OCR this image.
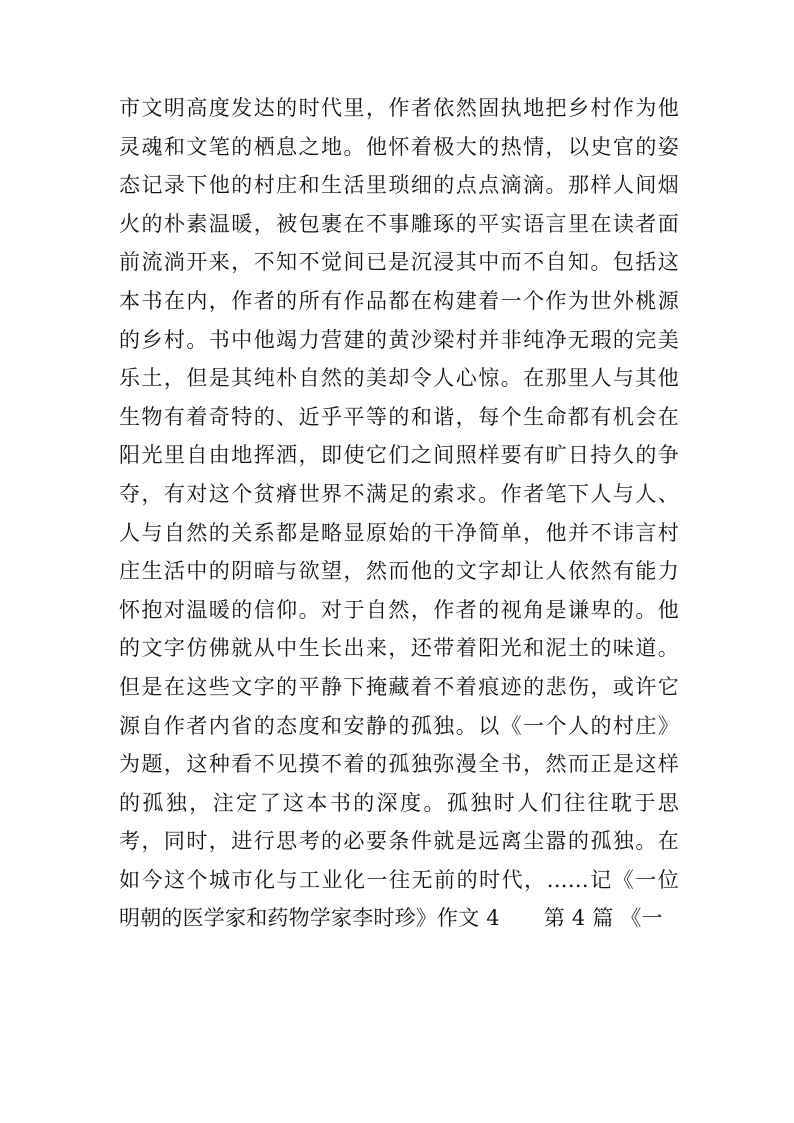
市文明高度发达的时代里，作者依然固执地把乡村作为他
灵魂和文笔的栖息之地。他怀着极大的热情，以史官的姿
态记录下他的村庄和生活里琐细的点点滴滴。那样人间烟
火的朴素温暖，被包裹在不事雕琢的平实语言里在读者面
前流淌开来，不知不觉间已是沉浸其中而不自知。包括这
本书在内，作者的所有作品都在构建着一个作为世外桃源
的乡村。书中他竭力营建的黄沙梁村并非纯净无瑕的完美
乐土，但是其纯朴自然的美却令人心惊。在那里人与其他
生物有着奇特的、近乎平等的和谐，每个生命都有机会在
阳光里自由地挥洒，即使它们之间照样要有旷日持久的争
夺，有对这个贫瘠世界不满足的索求。作者笔下人与人、
人与自然的关系都是略显原始的干净简单，他并不讳言村
庄生活中的阴暗与欲望，然而他的文字却让人依然有能力
怀抱对温暖的信仰。对于自然，作者的视角是谦卑的。他
的文字仿佛就从中生长出来，还带着阳光和泥土的味道。
但是在这些文字的平静下掩藏着不着痕迹的悲伤，或许它
源自作者内省的态度和安静的孤独。以《一个人的村庄》
为题，这种看不见摸不着的孤独弥漫全书，然而正是这样
的孤独，注定了这本书的深度。孤独时人们往往耽于思
考，同时，进行思考的必要条件就是远离尘嚣的孤独。在
如今这个城市化与工业化一往无前的时代，……记《一位
明朝的医学家和药物学家李时珍》作文 4 第 4 篇 《一
